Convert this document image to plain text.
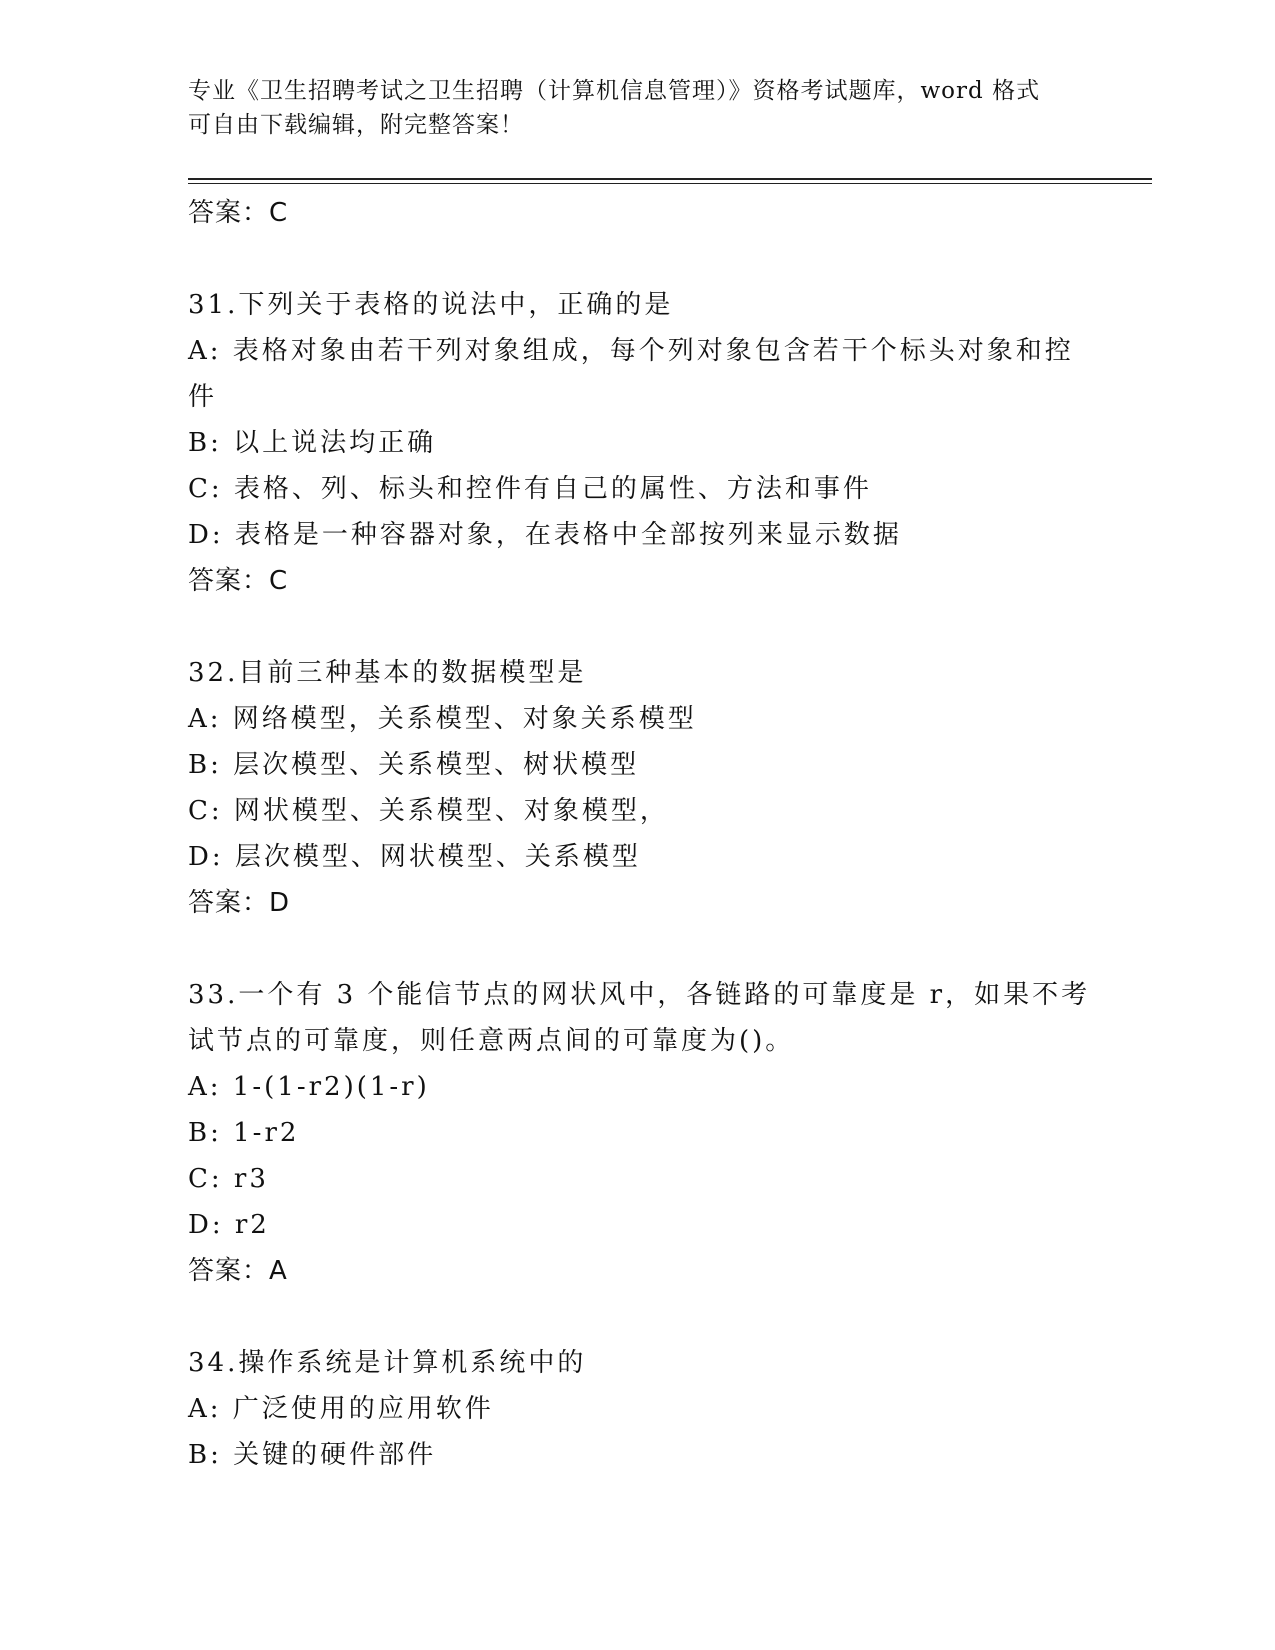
专业《卫生招聘考试之卫生招聘（计算机信息管理）》资格考试题库，word 格式
可自由下载编辑，附完整答案！
答案：C
31.下列关于表格的说法中，正确的是
A: 表格对象由若干列对象组成，每个列对象包含若干个标头对象和控
件
B: 以上说法均正确
C: 表格、列、标头和控件有自己的属性、方法和事件
D: 表格是一种容器对象，在表格中全部按列来显示数据
答案：C
32.目前三种基本的数据模型是
A: 网络模型，关系模型、对象关系模型
B: 层次模型、关系模型、树状模型
C: 网状模型、关系模型、对象模型，
D: 层次模型、网状模型、关系模型
答案：D
33.一个有 3 个能信节点的网状风中，各链路的可靠度是 r，如果不考
试节点的可靠度，则任意两点间的可靠度为()。
A: 1-(1-r2)(1-r)
B: 1-r2
C: r3
D: r2
答案：A
34.操作系统是计算机系统中的
A: 广泛使用的应用软件
B: 关键的硬件部件
